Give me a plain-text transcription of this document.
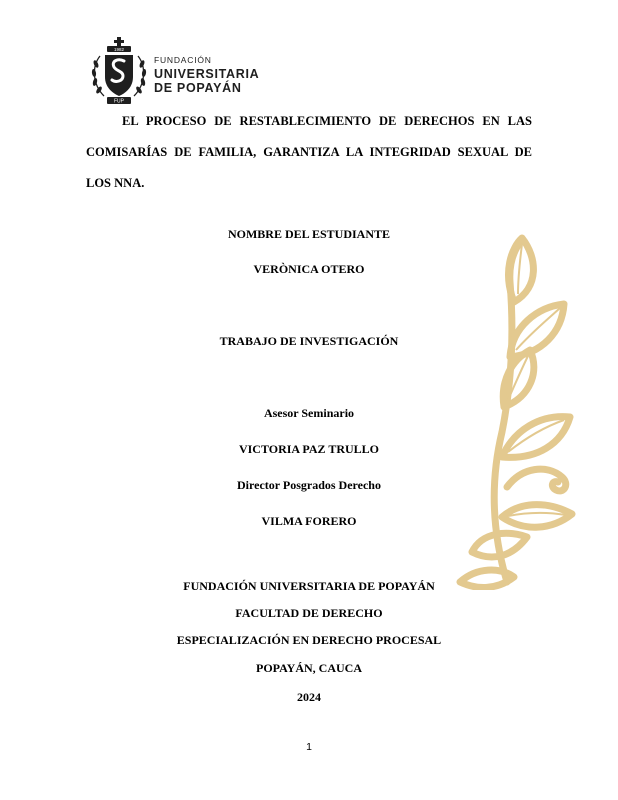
1982
FUP
FUNDACIÓN
UNIVERSITARIA
DE POPAYÁN
EL PROCESO DE RESTABLECIMIENTO DE DERECHOS EN LAS COMISARÍAS DE FAMILIA, GARANTIZA LA INTEGRIDAD SEXUAL DE LOS NNA.
NOMBRE DEL ESTUDIANTE
VERÒNICA OTERO
TRABAJO DE INVESTIGACIÓN
Asesor Seminario
VICTORIA PAZ TRULLO
Director Posgrados Derecho
VILMA FORERO
FUNDACIÓN UNIVERSITARIA DE POPAYÁN
FACULTAD DE DERECHO
ESPECIALIZACIÓN EN DERECHO PROCESAL
POPAYÁN, CAUCA
2024
1
